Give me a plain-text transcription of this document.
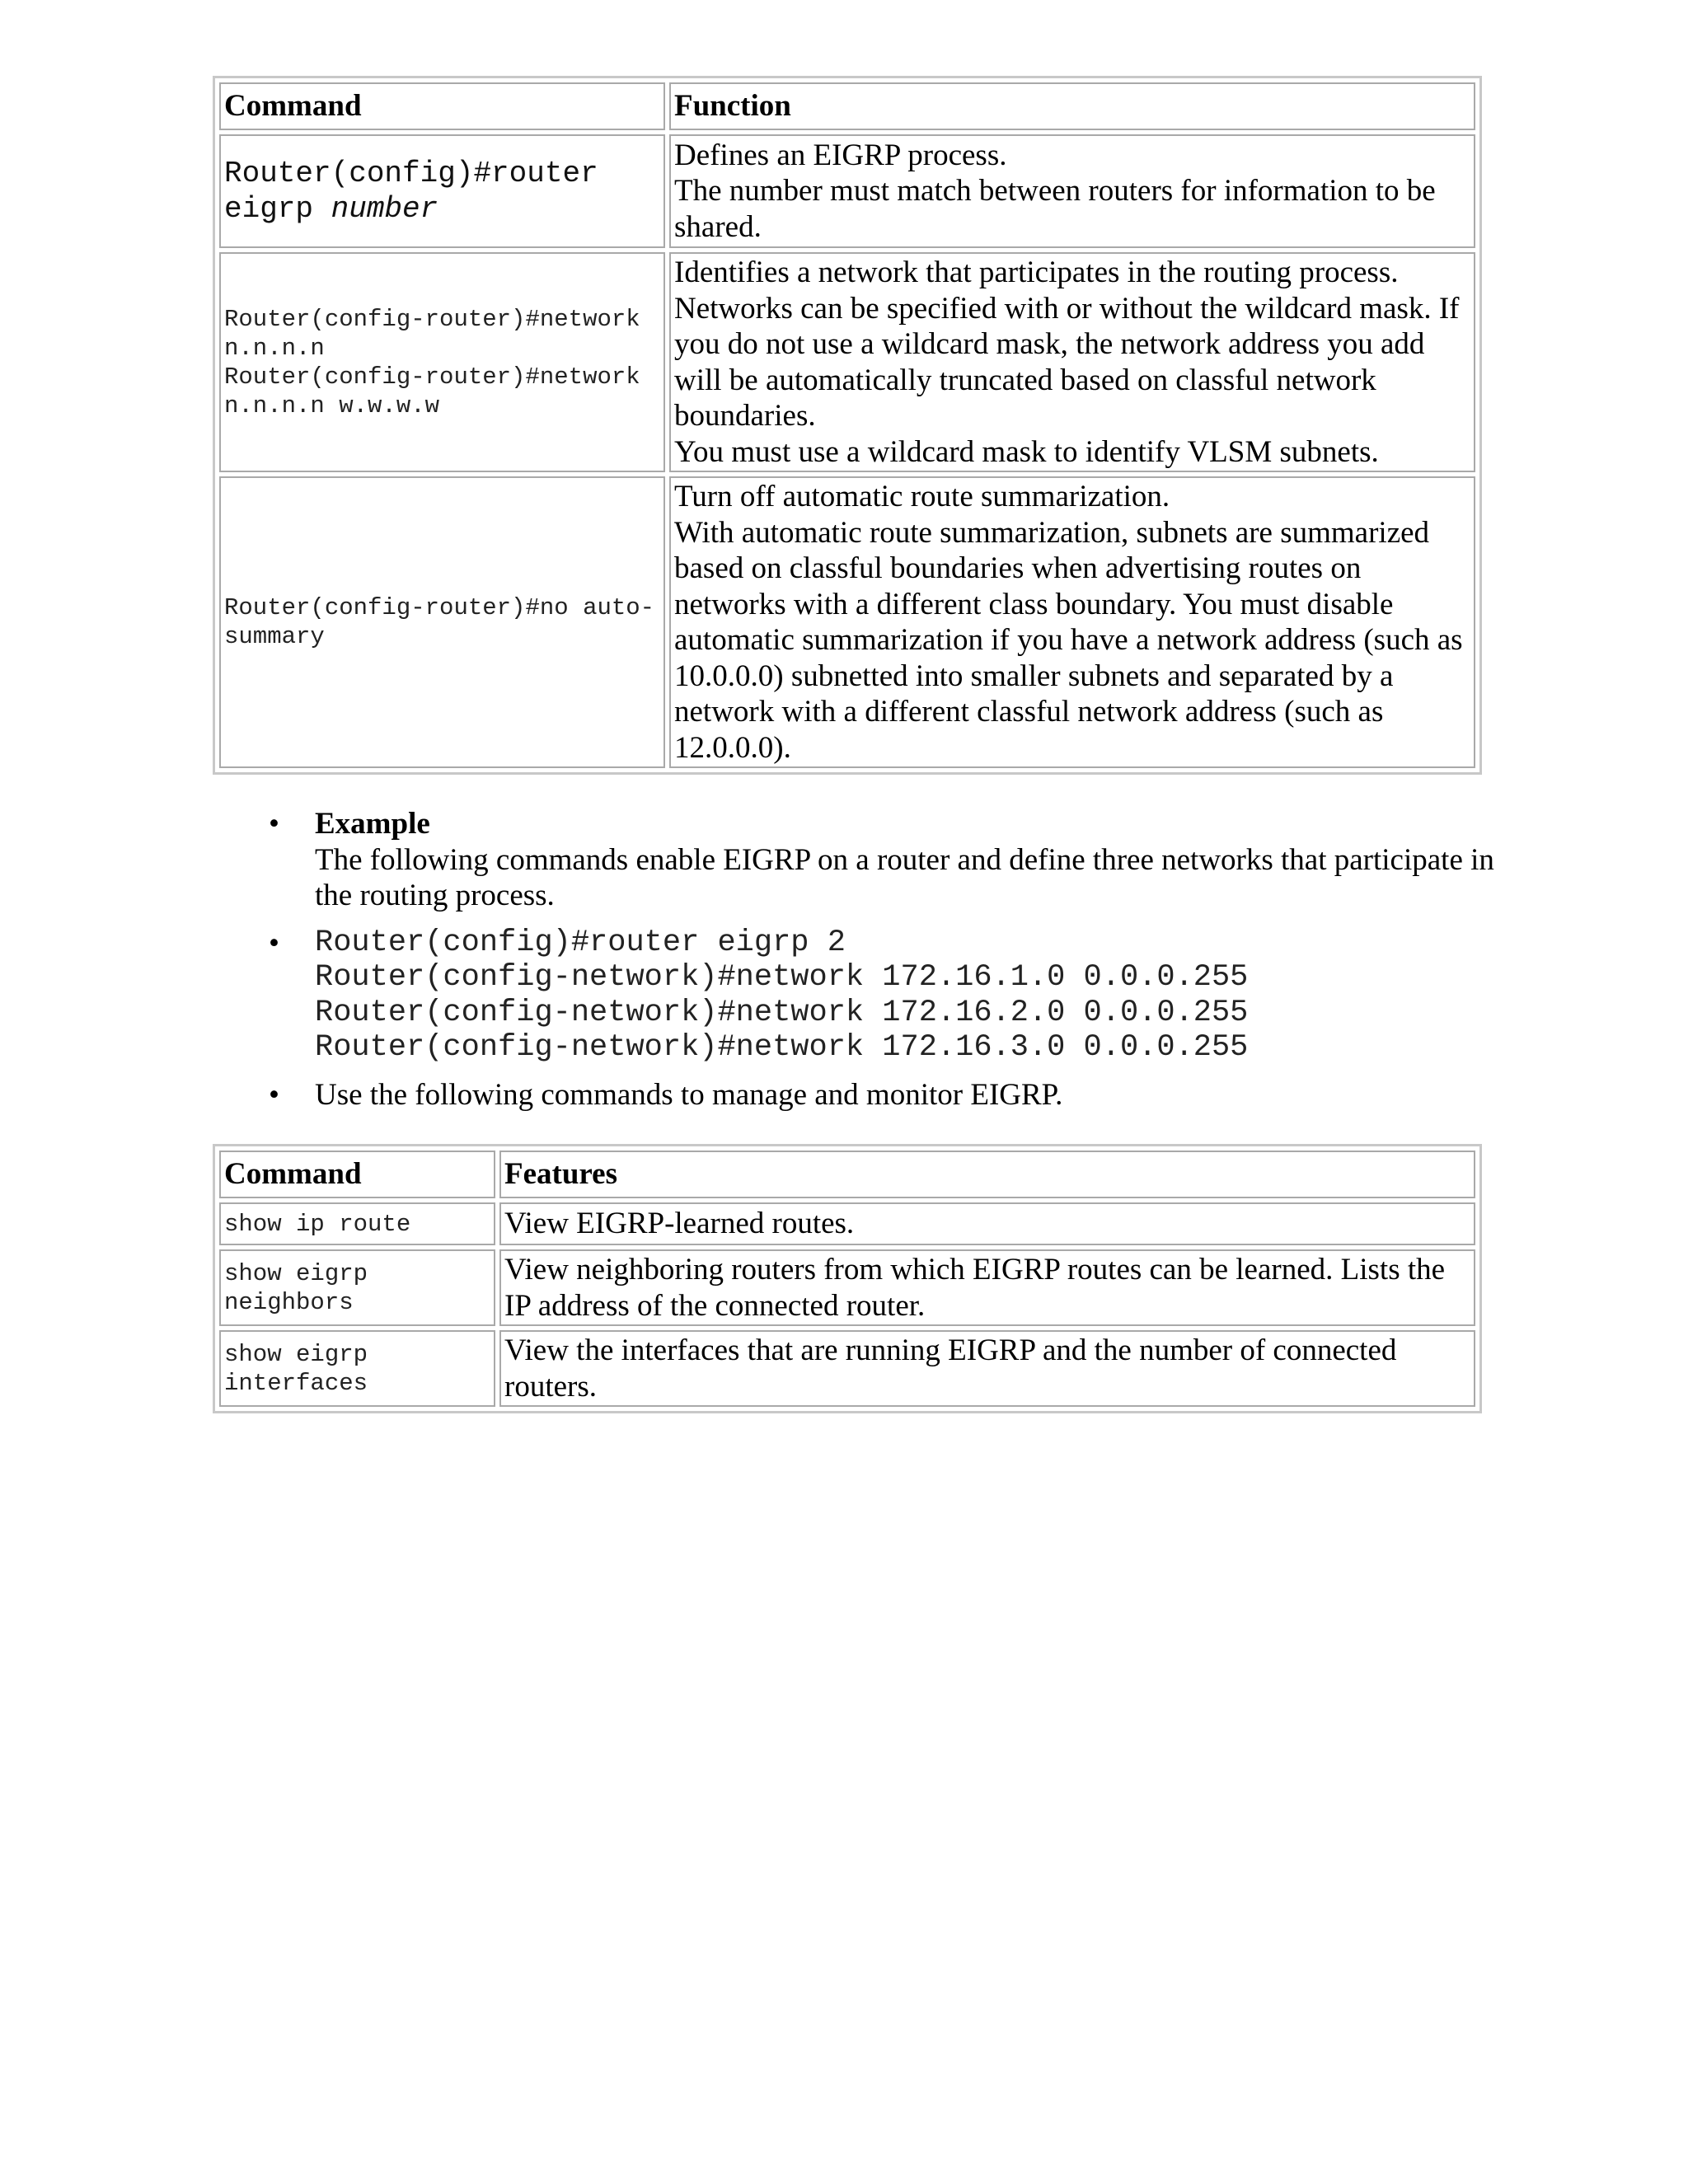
Command	Function
Router(config)#router eigrp number	Defines an EIGRP process.
The number must match between routers for information to be shared.

Router(config-router)#network n.n.n.n
Router(config-router)#network n.n.n.n w.w.w.w	Identifies a network that participates in the routing process. Networks can be specified with or without the wildcard mask. If you do not use a wildcard mask, the network address you add will be automatically truncated based on classful network boundaries.
You must use a wildcard mask to identify VLSM subnets.

Router(config-router)#no auto-summary	Turn off automatic route summarization.
With automatic route summarization, subnets are summarized based on classful boundaries when advertising routes on networks with a different class boundary. You must disable automatic summarization if you have a network address (such as 10.0.0.0) subnetted into smaller subnets and separated by a network with a different classful network address (such as 12.0.0.0).
• Example
The following commands enable EIGRP on a router and define three networks that participate in the routing process.
• Router(config)#router eigrp 2
Router(config-network)#network 172.16.1.0 0.0.0.255
Router(config-network)#network 172.16.2.0 0.0.0.255
Router(config-network)#network 172.16.3.0 0.0.0.255
• Use the following commands to manage and monitor EIGRP.
Command	Features
show ip route	View EIGRP-learned routes.
show eigrp neighbors	View neighboring routers from which EIGRP routes can be learned. Lists the IP address of the connected router.
show eigrp interfaces	View the interfaces that are running EIGRP and the number of connected routers.
